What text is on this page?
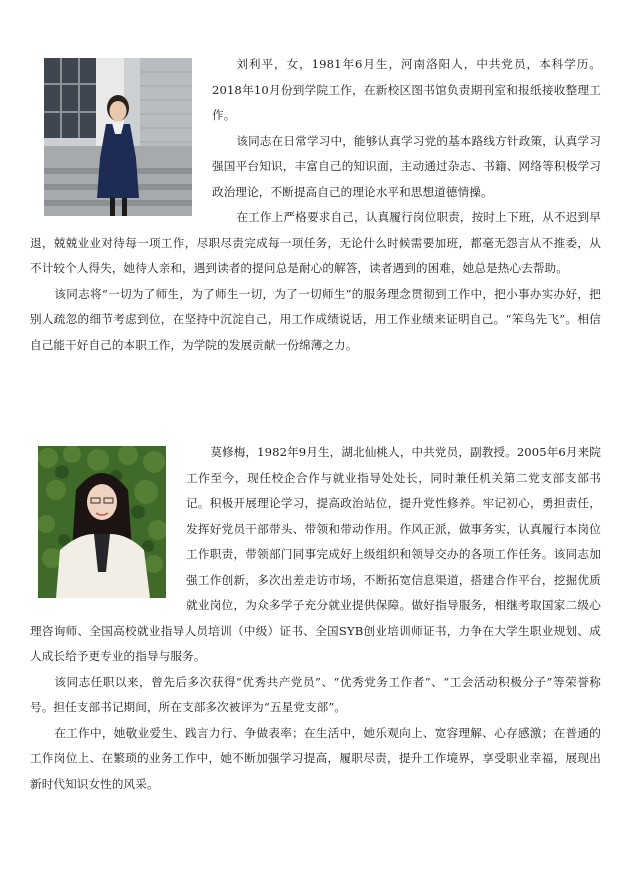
刘利平，女，1981年6月生，河南洛阳人，中共党员，本科学历。2018年10月份到学院工作，在新校区图书馆负责期刊室和报纸接收整理工作。

该同志在日常学习中，能够认真学习党的基本路线方针政策，认真学习强国平台知识，丰富自己的知识面，主动通过杂志、书籍、网络等积极学习政治理论，不断提高自己的理论水平和思想道德情操。

在工作上严格要求自己，认真履行岗位职责，按时上下班，从不迟到早退，兢兢业业对待每一项工作，尽职尽责完成每一项任务，无论什么时候需要加班，都毫无怨言从不推委，从不计较个人得失，她待人亲和，遇到读者的提问总是耐心的解答，读者遇到的困难，她总是热心去帮助。

该同志将“一切为了师生，为了师生一切，为了一切师生”的服务理念贯彻到工作中，把小事办实办好，把别人疏忽的细节考虑到位，在坚持中沉淀自己，用工作成绩说话，用工作业绩来证明自己。“笨鸟先飞”。相信自己能干好自己的本职工作，为学院的发展贡献一份绵薄之力。

莫修梅，1982年9月生，湖北仙桃人，中共党员，副教授。2005年6月来院工作至今，现任校企合作与就业指导处处长，同时兼任机关第二党支部支部书记。积极开展理论学习，提高政治站位，提升党性修养。牢记初心，勇担责任，发挥好党员干部带头、带领和带动作用。作风正派，做事务实，认真履行本岗位工作职责，带领部门同事完成好上级组织和领导交办的各项工作任务。该同志加强工作创新，多次出差走访市场，不断拓宽信息渠道，搭建合作平台，挖掘优质就业岗位，为众多学子充分就业提供保障。做好指导服务，相继考取国家二级心理咨询师、全国高校就业指导人员培训（中级）证书、全国SYB创业培训师证书，力争在大学生职业规划、成人成长给予更专业的指导与服务。

该同志任职以来，曾先后多次获得“优秀共产党员”、“优秀党务工作者”、“工会活动积极分子”等荣誉称号。担任支部书记期间，所在支部多次被评为“五星党支部”。

在工作中，她敬业爱生、践言力行、争做表率；在生活中，她乐观向上、宽容理解、心存感激；在普通的工作岗位上、在繁琐的业务工作中，她不断加强学习提高，履职尽责，提升工作境界，享受职业幸福，展现出新时代知识女性的风采。
